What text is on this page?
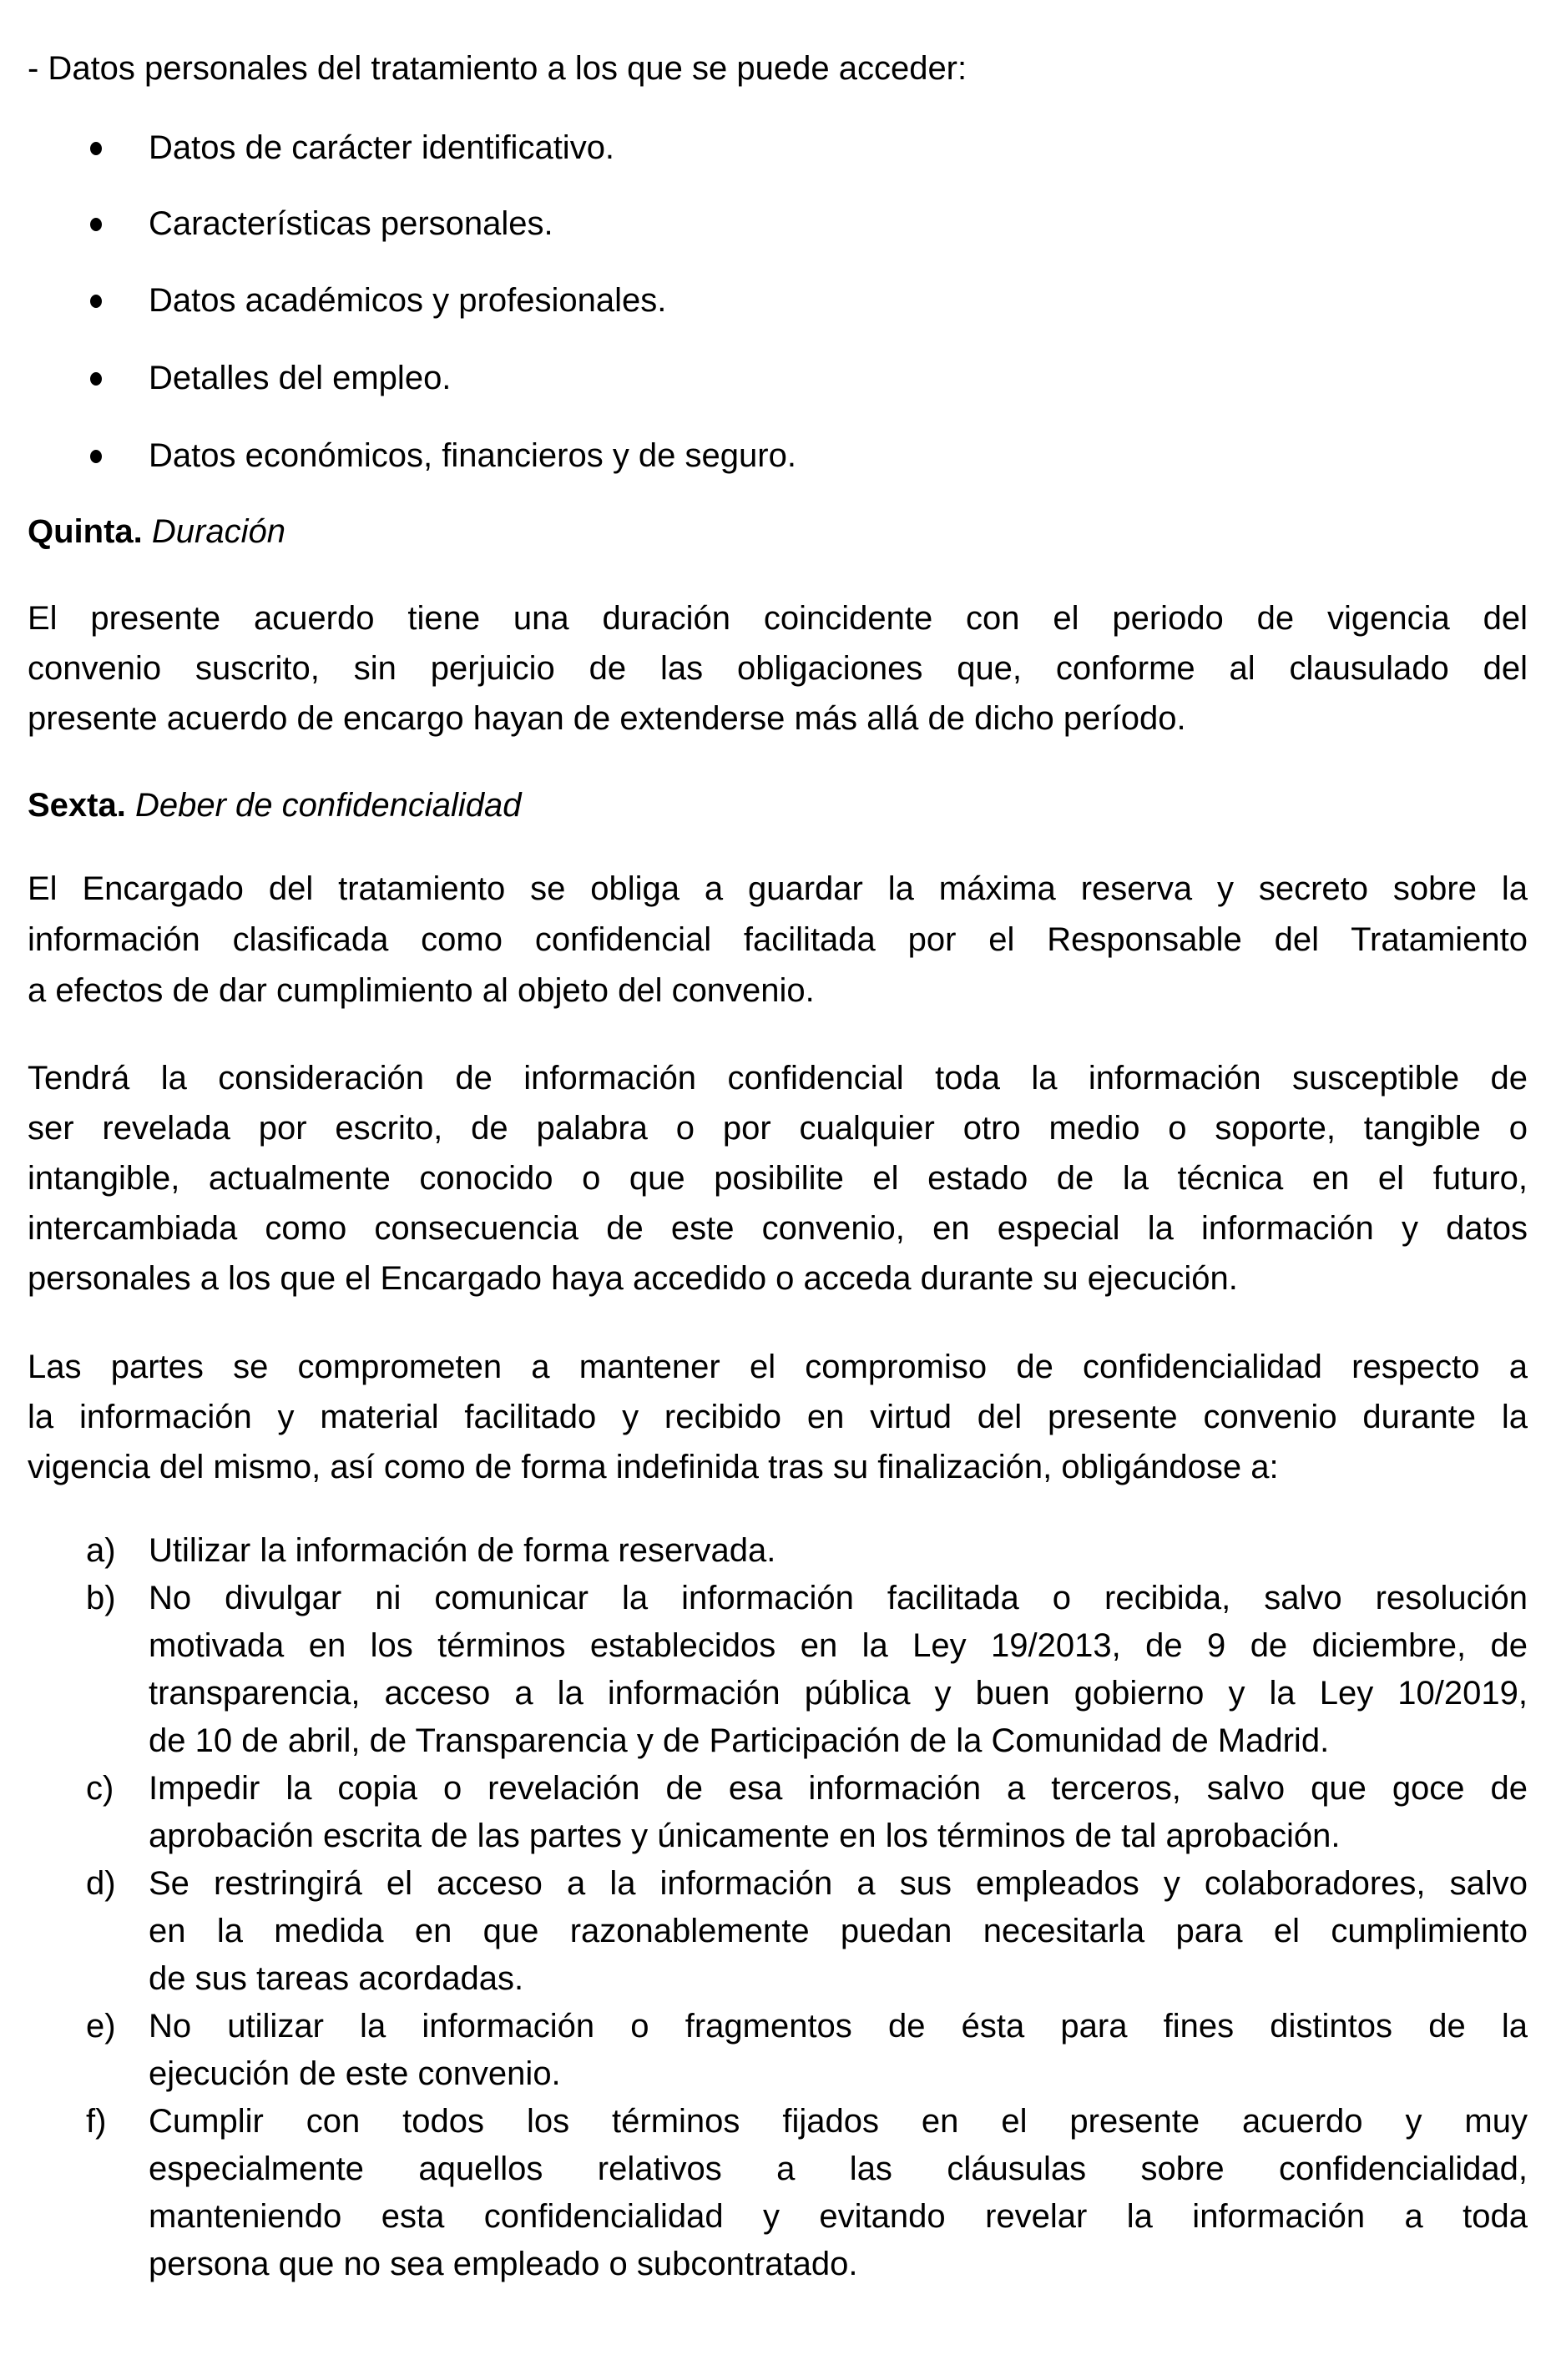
- Datos personales del tratamiento a los que se puede acceder:
Datos de carácter identificativo.
Características personales.
Datos académicos y profesionales.
Detalles del empleo.
Datos económicos, financieros y de seguro.
Quinta. Duración
El presente acuerdo tiene una duración coincidente con el periodo de vigencia del
convenio suscrito, sin perjuicio de las obligaciones que, conforme al clausulado del
presente acuerdo de encargo hayan de extenderse más allá de dicho período.
Sexta. Deber de confidencialidad
El Encargado del tratamiento se obliga a guardar la máxima reserva y secreto sobre la
información clasificada como confidencial facilitada por el Responsable del Tratamiento
a efectos de dar cumplimiento al objeto del convenio.
Tendrá la consideración de información confidencial toda la información susceptible de
ser revelada por escrito, de palabra o por cualquier otro medio o soporte, tangible o
intangible, actualmente conocido o que posibilite el estado de la técnica en el futuro,
intercambiada como consecuencia de este convenio, en especial la información y datos
personales a los que el Encargado haya accedido o acceda durante su ejecución.
Las partes se comprometen a mantener el compromiso de confidencialidad respecto a
la información y material facilitado y recibido en virtud del presente convenio durante la
vigencia del mismo, así como de forma indefinida tras su finalización, obligándose a:
a) Utilizar la información de forma reservada.
b) No divulgar ni comunicar la información facilitada o recibida, salvo resolución
motivada en los términos establecidos en la Ley 19/2013, de 9 de diciembre, de
transparencia, acceso a la información pública y buen gobierno y la Ley 10/2019,
de 10 de abril, de Transparencia y de Participación de la Comunidad de Madrid.
c) Impedir la copia o revelación de esa información a terceros, salvo que goce de
aprobación escrita de las partes y únicamente en los términos de tal aprobación.
d) Se restringirá el acceso a la información a sus empleados y colaboradores, salvo
en la medida en que razonablemente puedan necesitarla para el cumplimiento
de sus tareas acordadas.
e) No utilizar la información o fragmentos de ésta para fines distintos de la
ejecución de este convenio.
f) Cumplir con todos los términos fijados en el presente acuerdo y muy
especialmente aquellos relativos a las cláusulas sobre confidencialidad,
manteniendo esta confidencialidad y evitando revelar la información a toda
persona que no sea empleado o subcontratado.
